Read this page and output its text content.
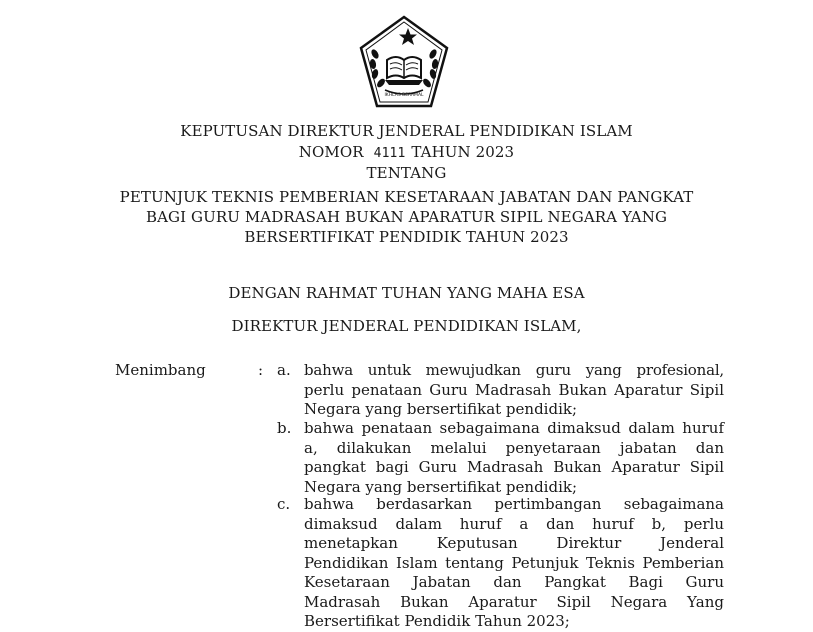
IKHLAS BERAMAL
KEPUTUSAN DIREKTUR JENDERAL PENDIDIKAN ISLAM
NOMOR 4111 TAHUN 2023
TENTANG
PETUNJUK TEKNIS PEMBERIAN KESETARAAN JABATAN DAN PANGKAT
BAGI GURU MADRASAH BUKAN APARATUR SIPIL NEGARA YANG
BERSERTIFIKAT PENDIDIK TAHUN 2023
DENGAN RAHMAT TUHAN YANG MAHA ESA
DIREKTUR JENDERAL PENDIDIKAN ISLAM,
Menimbang	: a. bahwa untuk mewujudkan guru yang profesional,
perlu penataan Guru Madrasah Bukan Aparatur Sipil
Negara yang bersertifikat pendidik;
b. bahwa penataan sebagaimana dimaksud dalam huruf
a, dilakukan melalui penyetaraan jabatan dan
pangkat bagi Guru Madrasah Bukan Aparatur Sipil
Negara yang bersertifikat pendidik;
c. bahwa berdasarkan pertimbangan sebagaimana
dimaksud dalam huruf a dan huruf b, perlu
menetapkan Keputusan Direktur Jenderal
Pendidikan Islam tentang Petunjuk Teknis Pemberian
Kesetaraan Jabatan dan Pangkat Bagi Guru
Madrasah Bukan Aparatur Sipil Negara Yang
Bersertifikat Pendidik Tahun 2023;
